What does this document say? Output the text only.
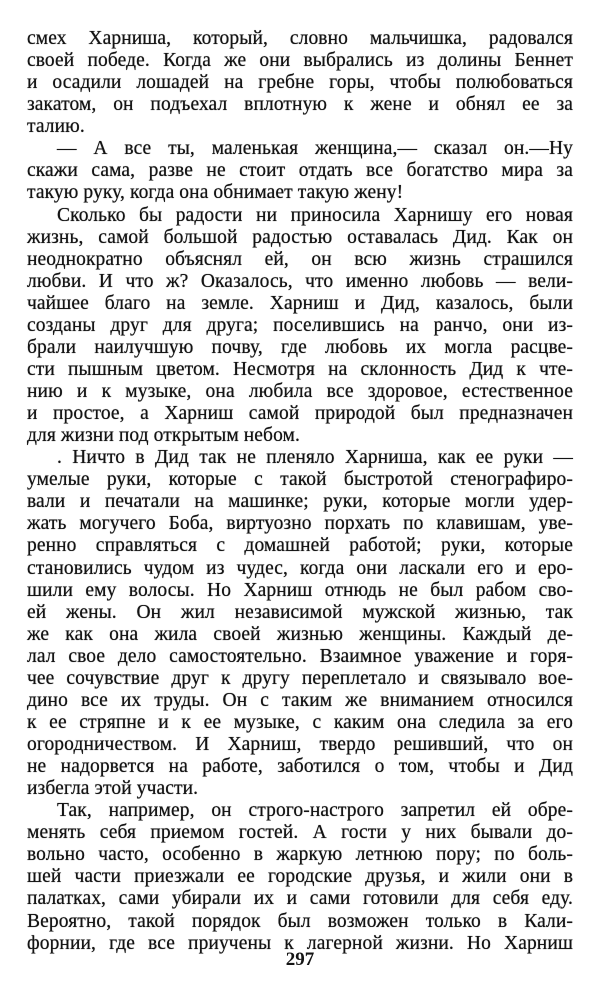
смех Харниша, который, словно мальчишка, радовался
своей победе. Когда же они выбрались из долины Беннет
и осадили лошадей на гребне горы, чтобы полюбоваться
закатом, он подъехал вплотную к жене и обнял ее за
талию.
— А все ты, маленькая женщина,— сказал он.—Ну
скажи сама, разве не стоит отдать все богатство мира за
такую руку, когда она обнимает такую жену!
Сколько бы радости ни приносила Харнишу его новая
жизнь, самой большой радостью оставалась Дид. Как он
неоднократно объяснял ей, он всю жизнь страшился
любви. И что ж? Оказалось, что именно любовь — вели-
чайшее благо на земле. Харниш и Дид, казалось, были
созданы друг для друга; поселившись на ранчо, они из-
брали наилучшую почву, где любовь их могла расцве-
сти пышным цветом. Несмотря на склонность Дид к чте-
нию и к музыке, она любила все здоровое, естественное
и простое, а Харниш самой природой был предназначен
для жизни под открытым небом.
. Ничто в Дид так не пленяло Харниша, как ее руки —
умелые руки, которые с такой быстротой стенографиро-
вали и печатали на машинке; руки, которые могли удер-
жать могучего Боба, виртуозно порхать по клавишам, уве-
ренно справляться с домашней работой; руки, которые
становились чудом из чудес, когда они ласкали его и еро-
шили ему волосы. Но Харниш отнюдь не был рабом сво-
ей жены. Он жил независимой мужской жизнью, так
же как она жила своей жизнью женщины. Каждый де-
лал свое дело самостоятельно. Взаимное уважение и горя-
чее сочувствие друг к другу переплетало и связывало вое-
дино все их труды. Он с таким же вниманием относился
к ее стряпне и к ее музыке, с каким она следила за его
огородничеством. И Харниш, твердо решивший, что он
не надорвется на работе, заботился о том, чтобы и Дид
избегла этой участи.
Так, например, он строго-настрого запретил ей обре-
менять себя приемом гостей. А гости у них бывали до-
вольно часто, особенно в жаркую летнюю пору; по боль-
шей части приезжали ее городские друзья, и жили они в
палатках, сами убирали их и сами готовили для себя еду.
Вероятно, такой порядок был возможен только в Кали-
форнии, где все приучены к лагерной жизни. Но Харниш
297
